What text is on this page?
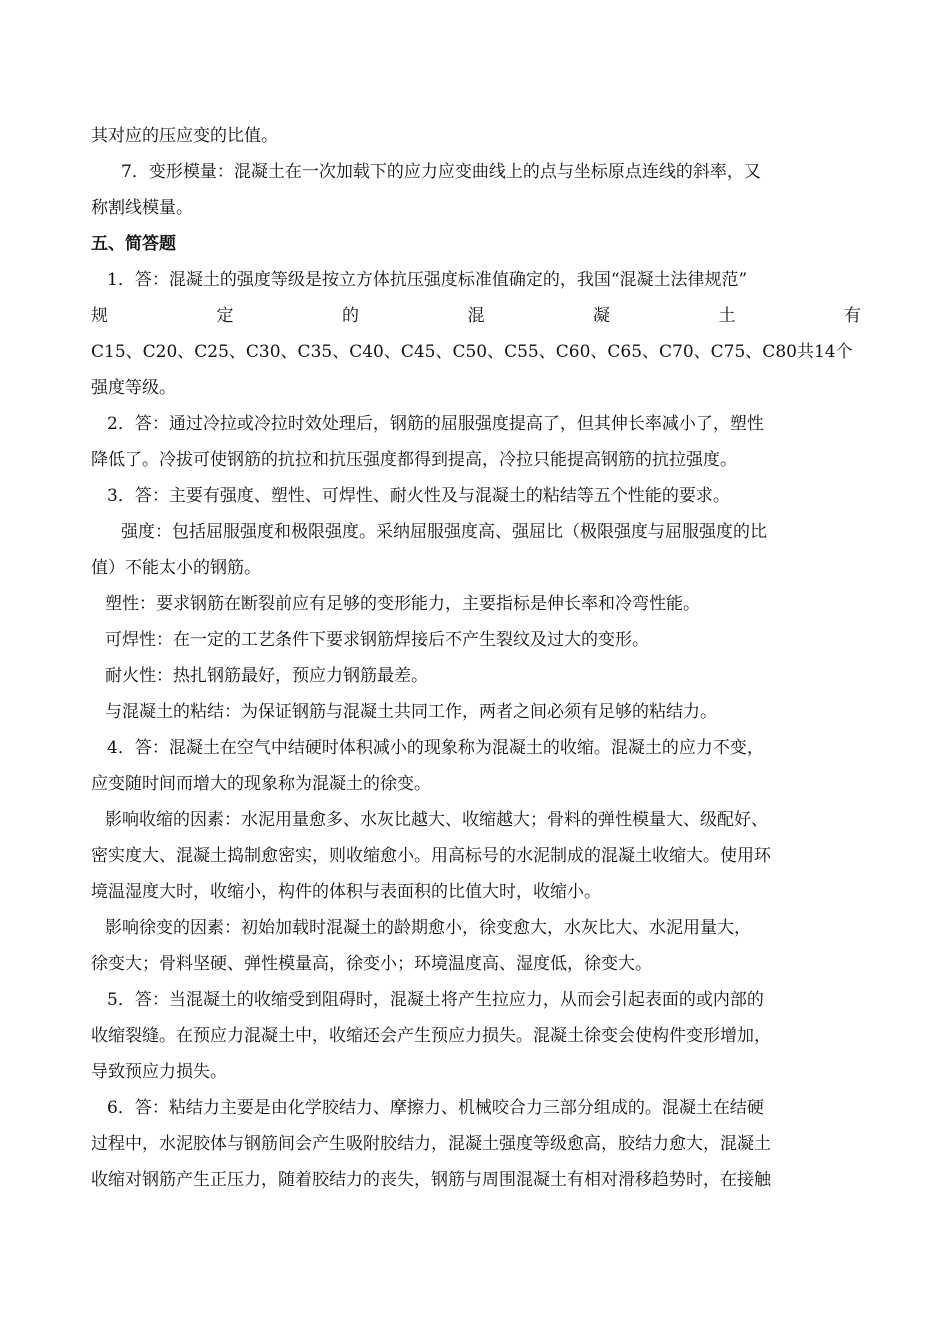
其对应的压应变的比值。
7．变形模量：混凝土在一次加载下的应力应变曲线上的点与坐标原点连线的斜率，又
称割线模量。
五、简答题
1．答：混凝土的强度等级是按立方体抗压强度标准值确定的，我国“混凝土法律规范”
规	定	的	混	凝	土	有
C15、C20、C25、C30、C35、C40、C45、C50、C55、C60、C65、C70、C75、C80共14个
强度等级。
2．答：通过冷拉或冷拉时效处理后，钢筋的屈服强度提高了，但其伸长率减小了，塑性
降低了。冷拔可使钢筋的抗拉和抗压强度都得到提高，冷拉只能提高钢筋的抗拉强度。
3．答：主要有强度、塑性、可焊性、耐火性及与混凝土的粘结等五个性能的要求。
强度：包括屈服强度和极限强度。采纳屈服强度高、强屈比（极限强度与屈服强度的比
值）不能太小的钢筋。
塑性：要求钢筋在断裂前应有足够的变形能力，主要指标是伸长率和冷弯性能。
可焊性：在一定的工艺条件下要求钢筋焊接后不产生裂纹及过大的变形。
耐火性：热扎钢筋最好，预应力钢筋最差。
与混凝土的粘结：为保证钢筋与混凝土共同工作，两者之间必须有足够的粘结力。
4．答：混凝土在空气中结硬时体积减小的现象称为混凝土的收缩。混凝土的应力不变，
应变随时间而增大的现象称为混凝土的徐变。
影响收缩的因素：水泥用量愈多、水灰比越大、收缩越大；骨料的弹性模量大、级配好、
密实度大、混凝土捣制愈密实，则收缩愈小。用高标号的水泥制成的混凝土收缩大。使用环
境温湿度大时，收缩小，构件的体积与表面积的比值大时，收缩小。
影响徐变的因素：初始加载时混凝土的龄期愈小，徐变愈大，水灰比大、水泥用量大，
徐变大；骨料坚硬、弹性模量高，徐变小；环境温度高、湿度低，徐变大。
5．答：当混凝土的收缩受到阻碍时，混凝土将产生拉应力，从而会引起表面的或内部的
收缩裂缝。在预应力混凝土中，收缩还会产生预应力损失。混凝土徐变会使构件变形增加，
导致预应力损失。
6．答：粘结力主要是由化学胶结力、摩擦力、机械咬合力三部分组成的。混凝土在结硬
过程中，水泥胶体与钢筋间会产生吸附胶结力，混凝土强度等级愈高，胶结力愈大，混凝土
收缩对钢筋产生正压力，随着胶结力的丧失，钢筋与周围混凝土有相对滑移趋势时，在接触
